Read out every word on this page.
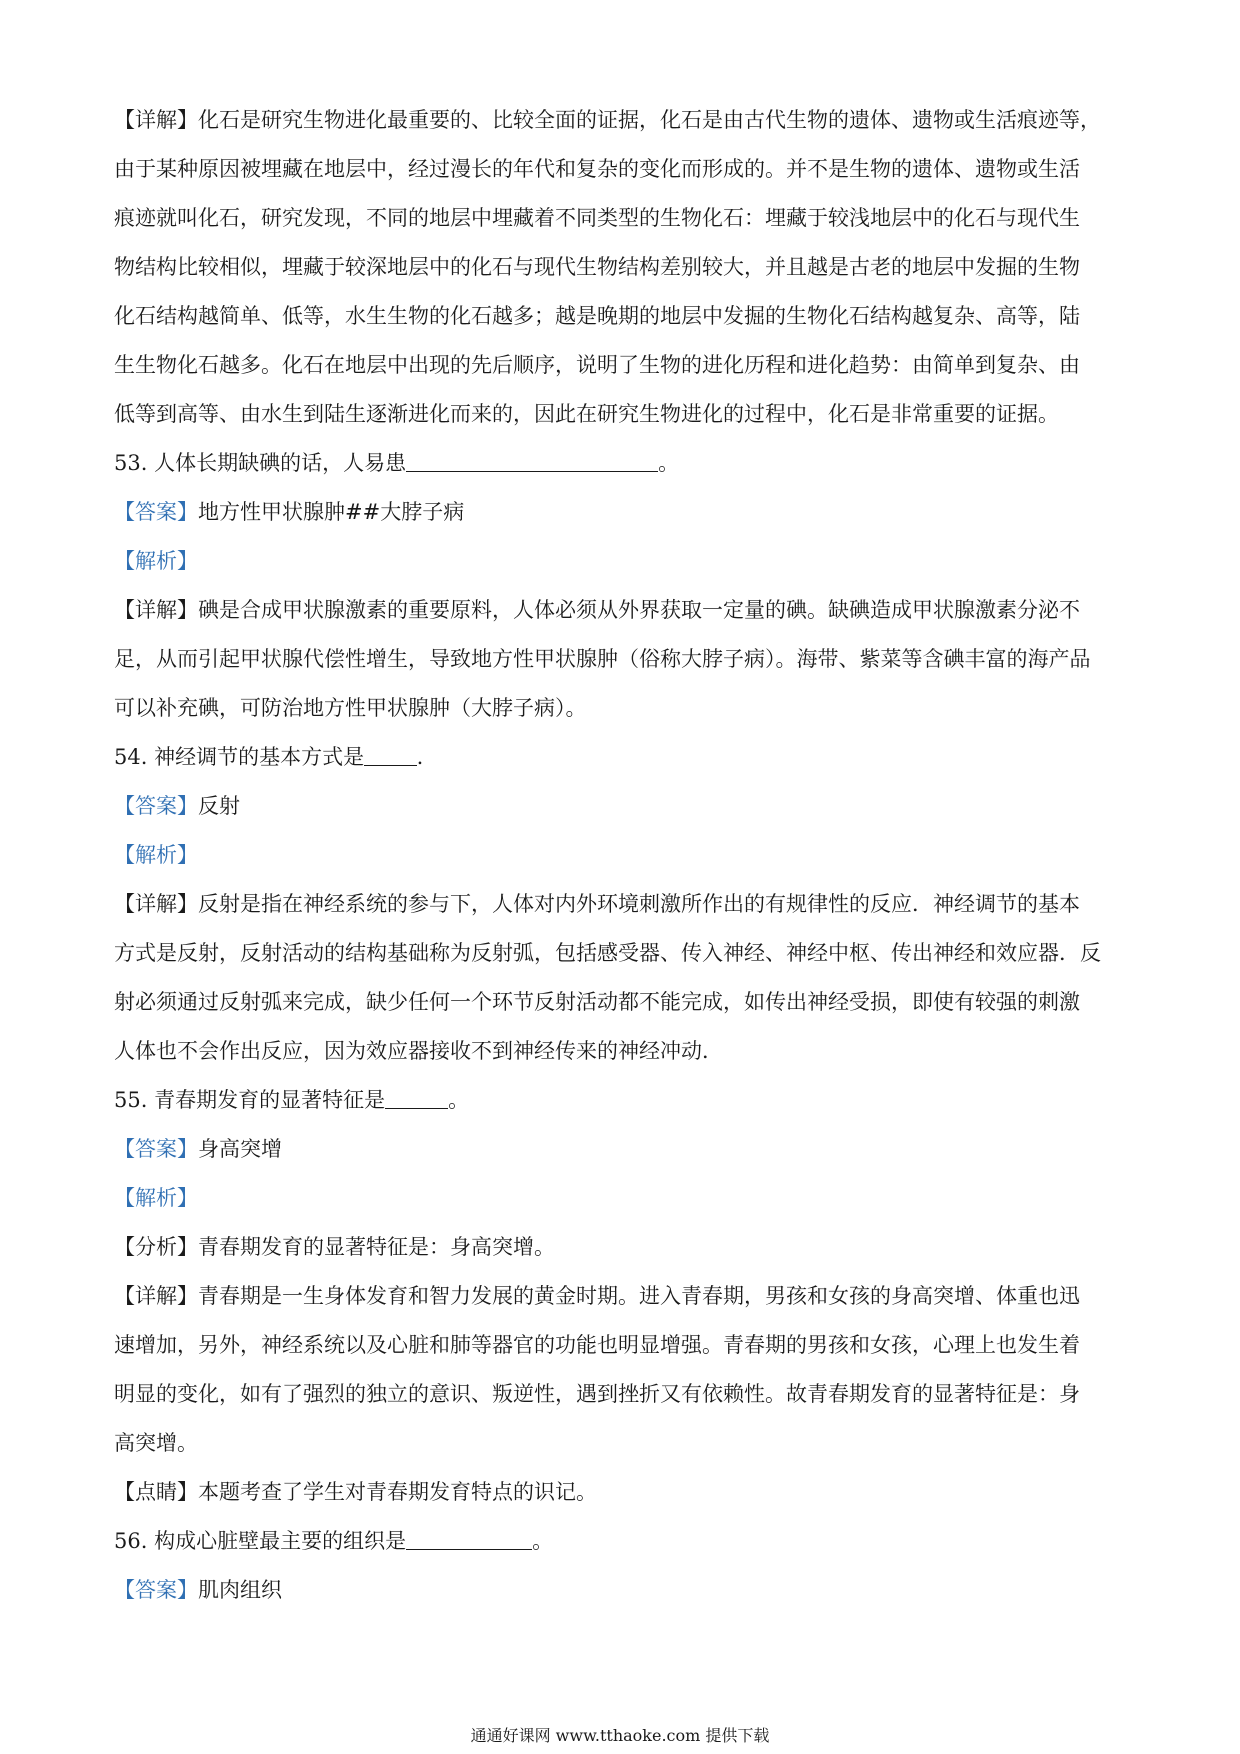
【详解】化石是研究生物进化最重要的、比较全面的证据，化石是由古代生物的遗体、遗物或生活痕迹等，
由于某种原因被埋藏在地层中，经过漫长的年代和复杂的变化而形成的。并不是生物的遗体、遗物或生活
痕迹就叫化石，研究发现，不同的地层中埋藏着不同类型的生物化石：埋藏于较浅地层中的化石与现代生
物结构比较相似，埋藏于较深地层中的化石与现代生物结构差别较大，并且越是古老的地层中发掘的生物
化石结构越简单、低等，水生生物的化石越多；越是晚期的地层中发掘的生物化石结构越复杂、高等，陆
生生物化石越多。化石在地层中出现的先后顺序，说明了生物的进化历程和进化趋势：由简单到复杂、由
低等到高等、由水生到陆生逐渐进化而来的，因此在研究生物进化的过程中，化石是非常重要的证据。
53. 人体长期缺碘的话，人易患	。
【答案】地方性甲状腺肿##大脖子病
【解析】
【详解】碘是合成甲状腺激素的重要原料，人体必须从外界获取一定量的碘。缺碘造成甲状腺激素分泌不
足，从而引起甲状腺代偿性增生，导致地方性甲状腺肿（俗称大脖子病）。海带、紫菜等含碘丰富的海产品
可以补充碘，可防治地方性甲状腺肿（大脖子病）。
54. 神经调节的基本方式是	.
【答案】反射
【解析】
【详解】反射是指在神经系统的参与下，人体对内外环境刺激所作出的有规律性的反应．神经调节的基本
方式是反射，反射活动的结构基础称为反射弧，包括感受器、传入神经、神经中枢、传出神经和效应器．反
射必须通过反射弧来完成，缺少任何一个环节反射活动都不能完成，如传出神经受损，即使有较强的刺激
人体也不会作出反应，因为效应器接收不到神经传来的神经冲动．
55. 青春期发育的显著特征是	。
【答案】身高突增
【解析】
【分析】青春期发育的显著特征是：身高突增。
【详解】青春期是一生身体发育和智力发展的黄金时期。进入青春期，男孩和女孩的身高突增、体重也迅
速增加，另外，神经系统以及心脏和肺等器官的功能也明显增强。青春期的男孩和女孩，心理上也发生着
明显的变化，如有了强烈的独立的意识、叛逆性，遇到挫折又有依赖性。故青春期发育的显著特征是：身
高突增。
【点睛】本题考查了学生对青春期发育特点的识记。
56. 构成心脏壁最主要的组织是	。
【答案】肌肉组织
通通好课网 www.tthaoke.com 提供下载
